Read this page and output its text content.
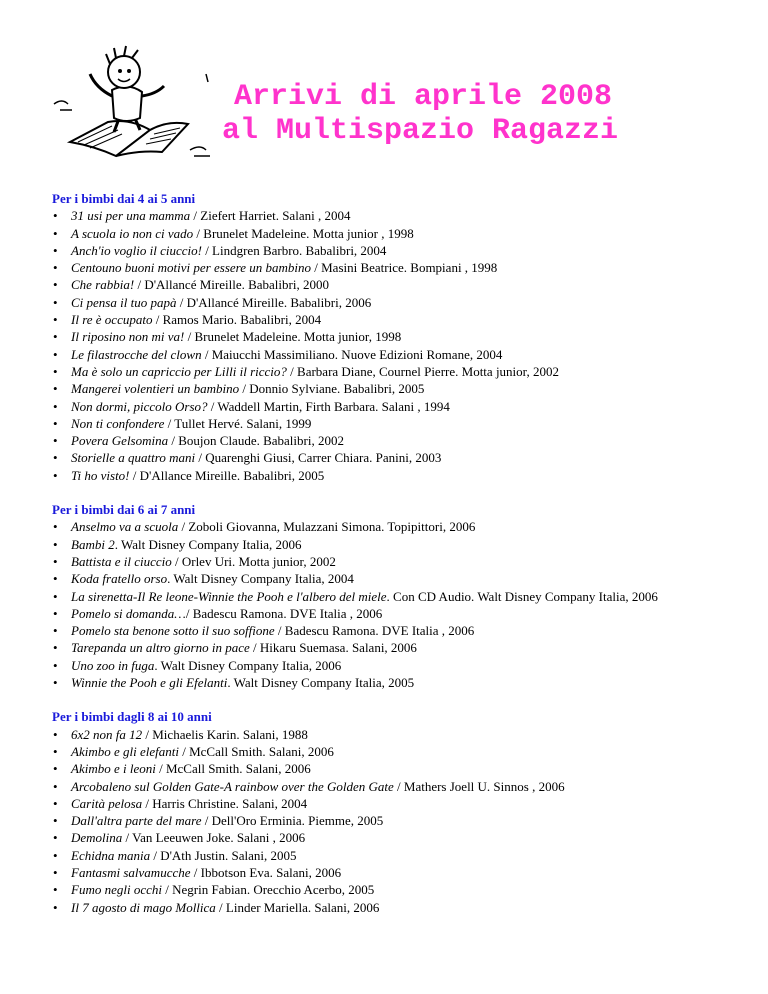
Arrivi di aprile 2008
al Multispazio Ragazzi
Per i bimbi dai 4 ai 5 anni
• 31 usi per una mamma / Ziefert Harriet. Salani , 2004
• A scuola io non ci vado / Brunelet Madeleine. Motta junior , 1998
• Anch'io voglio il ciuccio! / Lindgren Barbro. Babalibri, 2004
• Centouno buoni motivi per essere un bambino / Masini Beatrice. Bompiani , 1998
• Che rabbia! / D'Allancé Mireille. Babalibri, 2000
• Ci pensa il tuo papà / D'Allancé Mireille. Babalibri, 2006
• Il re è occupato / Ramos Mario. Babalibri, 2004
• Il riposino non mi va! / Brunelet Madeleine. Motta junior, 1998
• Le filastrocche del clown / Maiucchi Massimiliano. Nuove Edizioni Romane, 2004
• Ma è solo un capriccio per Lilli il riccio? / Barbara Diane, Cournel Pierre. Motta junior, 2002
• Mangerei volentieri un bambino / Donnio Sylviane. Babalibri, 2005
• Non dormi, piccolo Orso? / Waddell Martin, Firth Barbara. Salani , 1994
• Non ti confondere / Tullet Hervé. Salani, 1999
• Povera Gelsomina / Boujon Claude. Babalibri, 2002
• Storielle a quattro mani / Quarenghi Giusi, Carrer Chiara. Panini, 2003
• Ti ho visto! / D'Allance Mireille. Babalibri, 2005
Per i bimbi dai 6 ai 7 anni
• Anselmo va a scuola / Zoboli Giovanna, Mulazzani Simona. Topipittori, 2006
• Bambi 2. Walt Disney Company Italia, 2006
• Battista e il ciuccio / Orlev Uri. Motta junior, 2002
• Koda fratello orso. Walt Disney Company Italia, 2004
• La sirenetta-Il Re leone-Winnie the Pooh e l'albero del miele. Con CD Audio. Walt Disney Company Italia, 2006
• Pomelo si domanda…/ Badescu Ramona. DVE Italia , 2006
• Pomelo sta benone sotto il suo soffione / Badescu Ramona. DVE Italia , 2006
• Tarepanda un altro giorno in pace / Hikaru Suemasa. Salani, 2006
• Uno zoo in fuga. Walt Disney Company Italia, 2006
• Winnie the Pooh e gli Efelanti. Walt Disney Company Italia, 2005
Per i bimbi dagli 8 ai 10 anni
• 6x2 non fa 12 / Michaelis Karin. Salani, 1988
• Akimbo e gli elefanti / McCall Smith. Salani, 2006
• Akimbo e i leoni / McCall Smith. Salani, 2006
• Arcobaleno sul Golden Gate-A rainbow over the Golden Gate / Mathers Joell U. Sinnos , 2006
• Carità pelosa / Harris Christine. Salani, 2004
• Dall'altra parte del mare / Dell'Oro Erminia. Piemme, 2005
• Demolina / Van Leeuwen Joke. Salani , 2006
• Echidna mania / D'Ath Justin. Salani, 2005
• Fantasmi salvamucche / Ibbotson Eva. Salani, 2006
• Fumo negli occhi / Negrin Fabian. Orecchio Acerbo, 2005
• Il 7 agosto di mago Mollica / Linder Mariella. Salani, 2006
